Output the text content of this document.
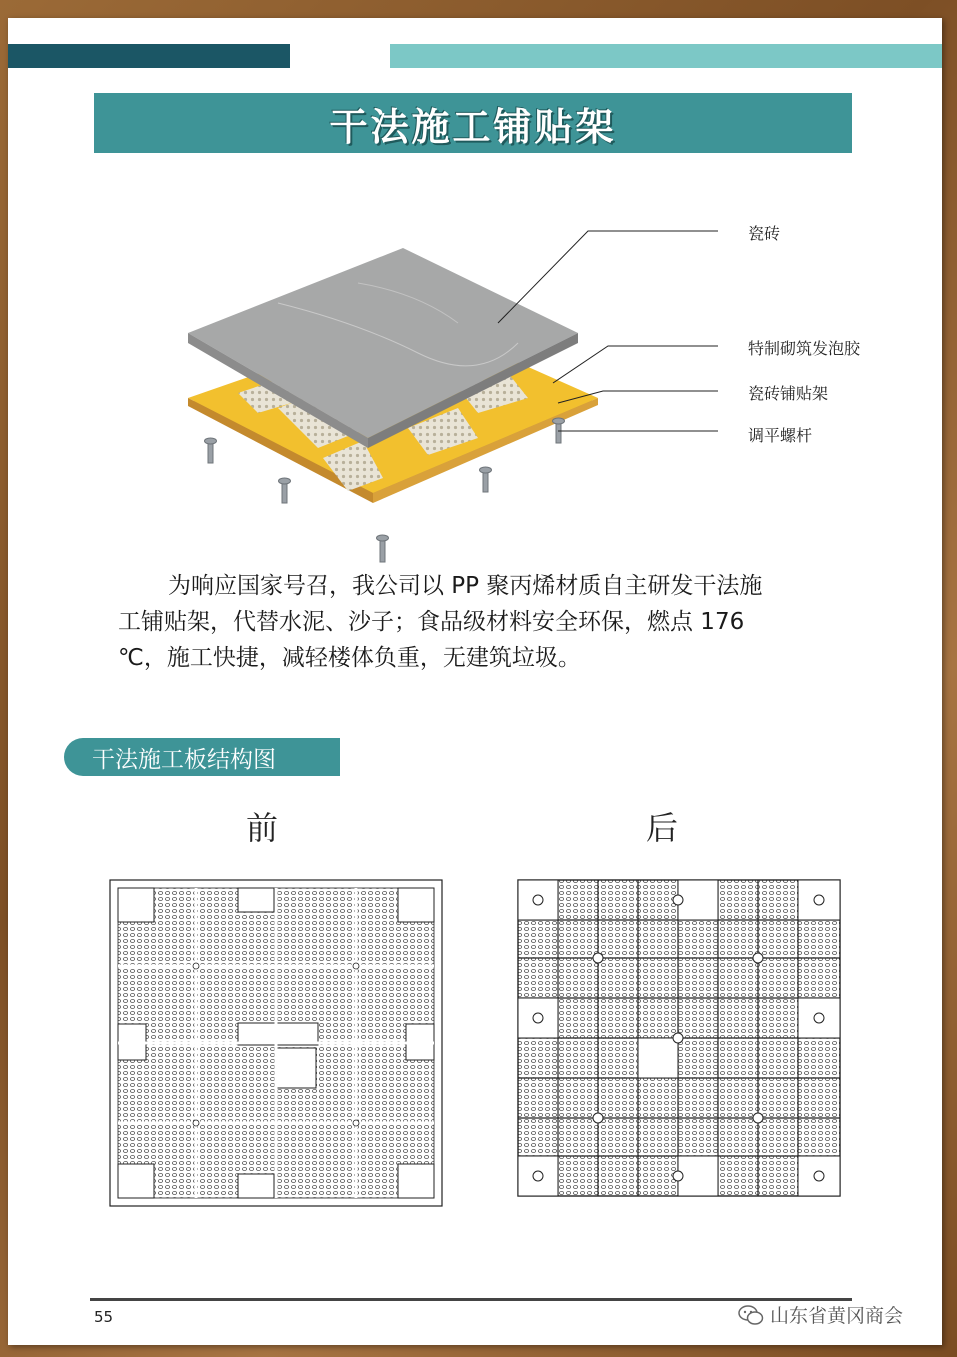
干法施工铺贴架
瓷砖
特制砌筑发泡胶
瓷砖铺贴架
调平螺杆

为响应国家号召，我公司以 PP 聚丙烯材质自主研发干法施

工铺贴架，代替水泥、沙子；食品级材料安全环保，燃点 176

℃，施工快捷，减轻楼体负重，无建筑垃圾。

干法施工板结构图
前	后
55	山东省黄冈商会
